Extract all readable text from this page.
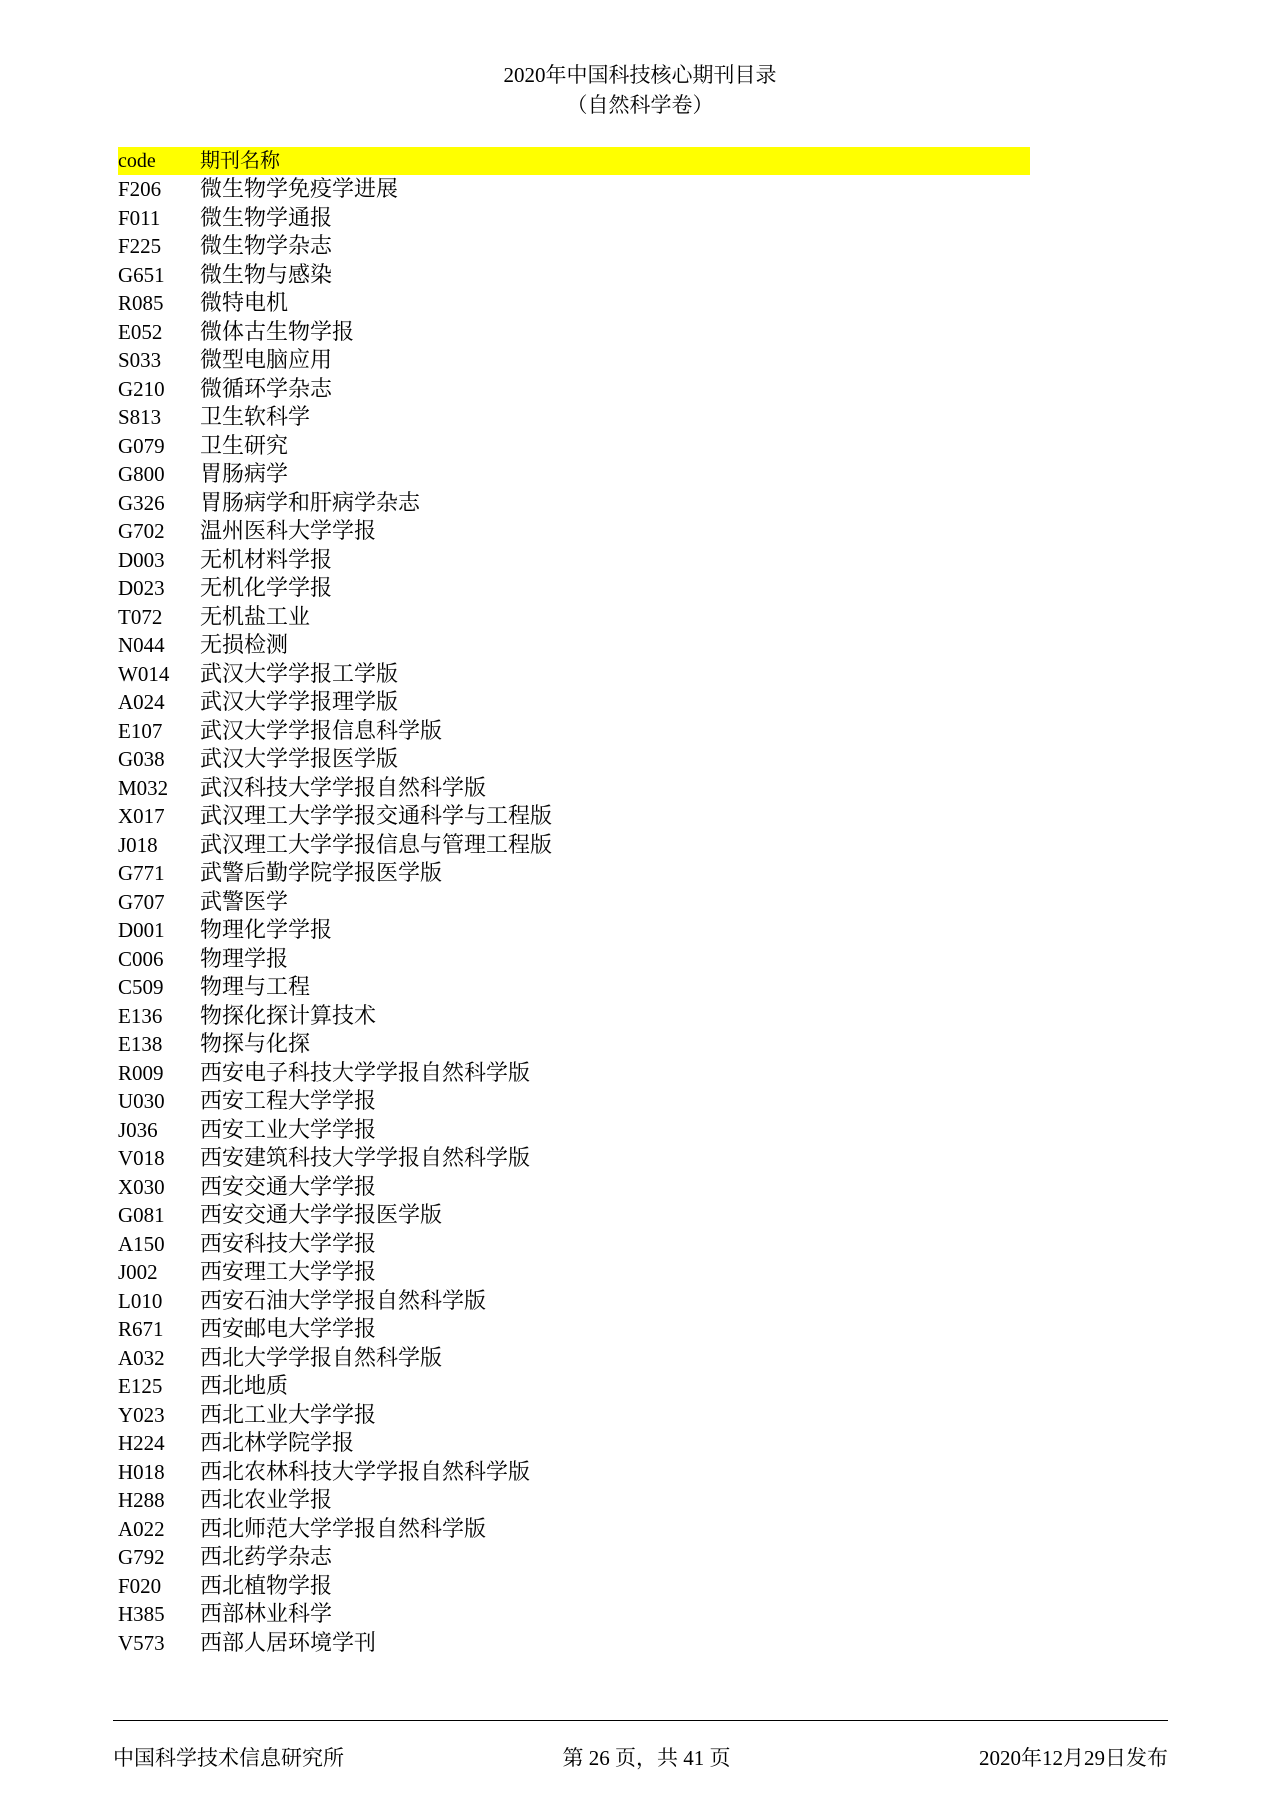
2020年中国科技核心期刊目录
（自然科学卷）
code	期刊名称
F206	微生物学免疫学进展
F011	微生物学通报
F225	微生物学杂志
G651	微生物与感染
R085	微特电机
E052	微体古生物学报
S033	微型电脑应用
G210	微循环学杂志
S813	卫生软科学
G079	卫生研究
G800	胃肠病学
G326	胃肠病学和肝病学杂志
G702	温州医科大学学报
D003	无机材料学报
D023	无机化学学报
T072	无机盐工业
N044	无损检测
W014	武汉大学学报工学版
A024	武汉大学学报理学版
E107	武汉大学学报信息科学版
G038	武汉大学学报医学版
M032	武汉科技大学学报自然科学版
X017	武汉理工大学学报交通科学与工程版
J018	武汉理工大学学报信息与管理工程版
G771	武警后勤学院学报医学版
G707	武警医学
D001	物理化学学报
C006	物理学报
C509	物理与工程
E136	物探化探计算技术
E138	物探与化探
R009	西安电子科技大学学报自然科学版
U030	西安工程大学学报
J036	西安工业大学学报
V018	西安建筑科技大学学报自然科学版
X030	西安交通大学学报
G081	西安交通大学学报医学版
A150	西安科技大学学报
J002	西安理工大学学报
L010	西安石油大学学报自然科学版
R671	西安邮电大学学报
A032	西北大学学报自然科学版
E125	西北地质
Y023	西北工业大学学报
H224	西北林学院学报
H018	西北农林科技大学学报自然科学版
H288	西北农业学报
A022	西北师范大学学报自然科学版
G792	西北药学杂志
F020	西北植物学报
H385	西部林业科学
V573	西部人居环境学刊
中国科学技术信息研究所	第 26 页，共 41 页	2020年12月29日发布
